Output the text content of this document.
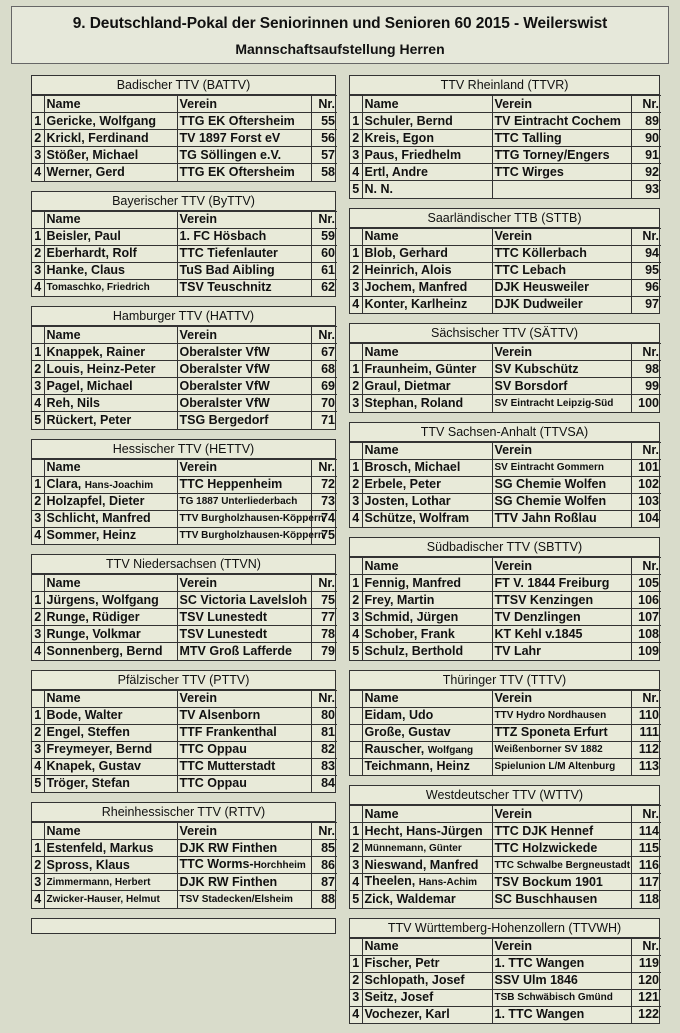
9. Deutschland-Pokal der Seniorinnen und Senioren 60 2015 - Weilerswist
Mannschaftsaufstellung Herren
Badischer TTV (BATTV)
	Name	Verein	Nr.
1	Gericke, Wolfgang	TTG EK Oftersheim	55
2	Krickl, Ferdinand	TV 1897 Forst eV	56
3	Stößer, Michael	TG Söllingen e.V.	57
4	Werner, Gerd	TTG EK Oftersheim	58
Bayerischer TTV (ByTTV)
	Name	Verein	Nr.
1	Beisler, Paul	1. FC Hösbach	59
2	Eberhardt, Rolf	TTC Tiefenlauter	60
3	Hanke, Claus	TuS Bad Aibling	61
4	Tomaschko, Friedrich	TSV Teuschnitz	62
Hamburger TTV (HATTV)
	Name	Verein	Nr.
1	Knappek, Rainer	Oberalster VfW	67
2	Louis, Heinz-Peter	Oberalster VfW	68
3	Pagel, Michael	Oberalster VfW	69
4	Reh, Nils	Oberalster VfW	70
5	Rückert, Peter	TSG Bergedorf	71
Hessischer TTV (HETTV)
	Name	Verein	Nr.
1	Clara, Hans-Joachim	TTC Heppenheim	72
2	Holzapfel, Dieter	TG 1887 Unterliederbach	73
3	Schlicht, Manfred	TTV Burgholzhausen-Köppern	74
4	Sommer, Heinz	TTV Burgholzhausen-Köppern	75
TTV Niedersachsen (TTVN)
	Name	Verein	Nr.
1	Jürgens, Wolfgang	SC Victoria Lavelsloh	75
2	Runge, Rüdiger	TSV Lunestedt	77
3	Runge, Volkmar	TSV Lunestedt	78
4	Sonnenberg, Bernd	MTV Groß Lafferde	79
Pfälzischer TTV (PTTV)
	Name	Verein	Nr.
1	Bode, Walter	TV Alsenborn	80
2	Engel, Steffen	TTF Frankenthal	81
3	Freymeyer, Bernd	TTC Oppau	82
4	Knapek, Gustav	TTC Mutterstadt	83
5	Tröger, Stefan	TTC Oppau	84
Rheinhessischer TTV (RTTV)
	Name	Verein	Nr.
1	Estenfeld, Markus	DJK RW Finthen	85
2	Spross, Klaus	TTC Worms-Horchheim	86
3	Zimmermann, Herbert	DJK RW Finthen	87
4	Zwicker-Hauser, Helmut	TSV Stadecken/Elsheim	88
TTV Rheinland (TTVR)
	Name	Verein	Nr.
1	Schuler, Bernd	TV Eintracht Cochem	89
2	Kreis, Egon	TTC Talling	90
3	Paus, Friedhelm	TTG Torney/Engers	91
4	Ertl, Andre	TTC Wirges	92
5	N. N.		93
Saarländischer TTB (STTB)
	Name	Verein	Nr.
1	Blob, Gerhard	TTC Köllerbach	94
2	Heinrich, Alois	TTC Lebach	95
3	Jochem, Manfred	DJK Heusweiler	96
4	Konter, Karlheinz	DJK Dudweiler	97
Sächsischer TTV (SÄTTV)
	Name	Verein	Nr.
1	Fraunheim, Günter	SV Kubschütz	98
2	Graul, Dietmar	SV Borsdorf	99
3	Stephan, Roland	SV Eintracht Leipzig-Süd	100
TTV Sachsen-Anhalt (TTVSA)
	Name	Verein	Nr.
1	Brosch, Michael	SV Eintracht Gommern	101
2	Erbele, Peter	SG Chemie Wolfen	102
3	Josten, Lothar	SG Chemie Wolfen	103
4	Schütze, Wolfram	TTV Jahn Roßlau	104
Südbadischer TTV (SBTTV)
	Name	Verein	Nr.
1	Fennig, Manfred	FT V. 1844 Freiburg	105
2	Frey, Martin	TTSV Kenzingen	106
3	Schmid, Jürgen	TV Denzlingen	107
4	Schober, Frank	KT Kehl v.1845	108
5	Schulz, Berthold	TV Lahr	109
Thüringer TTV (TTTV)
	Name	Verein	Nr.
	Eidam, Udo	TTV Hydro Nordhausen	110
	Große, Gustav	TTZ Sponeta Erfurt	111
	Rauscher, Wolfgang	Weißenborner SV 1882	112
	Teichmann, Heinz	Spielunion L/M Altenburg	113
Westdeutscher TTV (WTTV)
	Name	Verein	Nr.
1	Hecht, Hans-Jürgen	TTC DJK Hennef	114
2	Münnemann, Günter	TTC Holzwickede	115
3	Nieswand, Manfred	TTC Schwalbe Bergneustadt	116
4	Theelen, Hans-Achim	TSV Bockum 1901	117
5	Zick, Waldemar	SC Buschhausen	118
TTV Württemberg-Hohenzollern (TTVWH)
	Name	Verein	Nr.
1	Fischer, Petr	1. TTC Wangen	119
2	Schlopath, Josef	SSV Ulm 1846	120
3	Seitz, Josef	TSB Schwäbisch Gmünd	121
4	Vochezer, Karl	1. TTC Wangen	122
